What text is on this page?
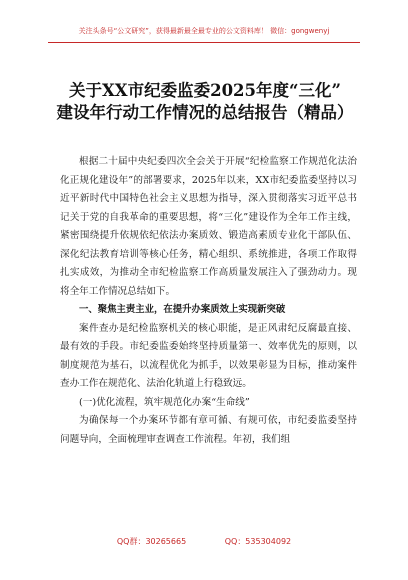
关注头条号“公文研究”，获得最新最全最专业的公文资料库！ 微信：gongwenyj
关于XX市纪委监委2025年度“三化”
建设年行动工作情况的总结报告（精品）

根据二十届中央纪委四次全会关于开展“纪检监察工作规范化法治化正规化建设年”的部署要求，2025年以来，XX市纪委监委坚持以习近平新时代中国特色社会主义思想为指导，深入贯彻落实习近平总书记关于党的自我革命的重要思想，将“三化”建设作为全年工作主线，紧密围绕提升依规依纪依法办案质效、锻造高素质专业化干部队伍、深化纪法教育培训等核心任务，精心组织、系统推进，各项工作取得扎实成效，为推动全市纪检监察工作高质量发展注入了强劲动力。现将全年工作情况总结如下。

一、聚焦主责主业，在提升办案质效上实现新突破

案件查办是纪检监察机关的核心职能，是正风肃纪反腐最直接、最有效的手段。市纪委监委始终坚持质量第一、效率优先的原则，以制度规范为基石，以流程优化为抓手，以效果彰显为目标，推动案件查办工作在规范化、法治化轨道上行稳致远。

(一)优化流程，筑牢规范化办案“生命线”

为确保每一个办案环节都有章可循、有规可依，市纪委监委坚持问题导向，全面梳理审查调查工作流程。年初，我们组

QQ群：30265665	QQ：535304092
